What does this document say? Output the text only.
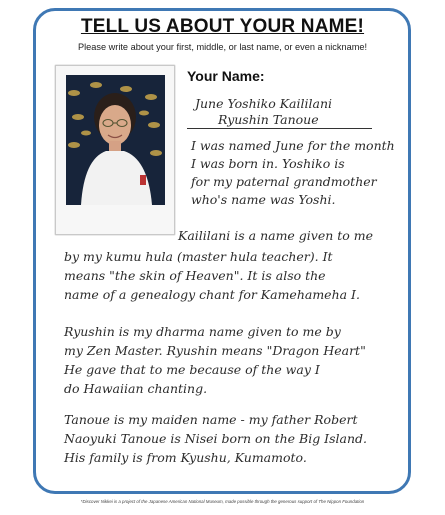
TELL US ABOUT YOUR NAME!
Please write about your first, middle, or last name, or even a nickname!
Your Name:
June Yoshiko Kaililani
Ryushin Tanoue
I was named June for the month
I was born in. Yoshiko is
for my paternal grandmother
who's name was Yoshi.
Kaililani is a name given to me
by my kumu hula (master hula teacher). It
means "the skin of Heaven". It is also the
name of a genealogy chant for Kamehameha I.
Ryushin is my dharma name given to me by
my Zen Master. Ryushin means "Dragon Heart"
He gave that to me because of the way I
do Hawaiian chanting.
Tanoue is my maiden name - my father Robert
Naoyuki Tanoue is Nisei born on the Big Island.
His family is from Kyushu, Kumamoto.
*Discover Nikkei is a project of the Japanese American National Museum, made possible through the generous support of The Nippon Foundation
